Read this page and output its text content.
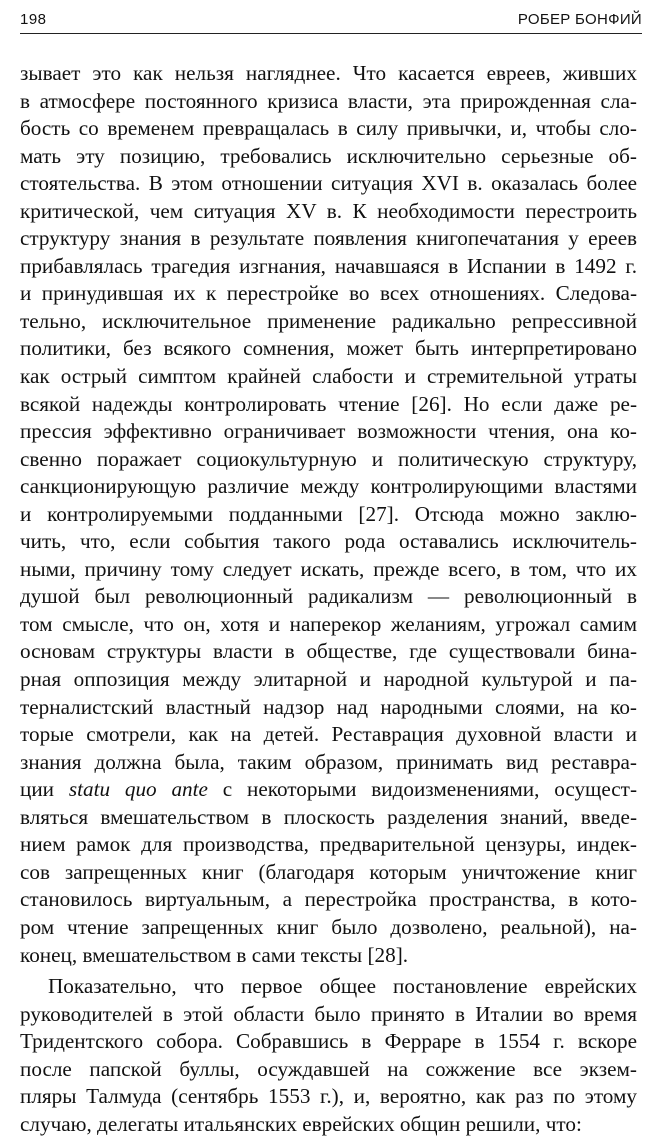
198	РОБЕР БОНФИЙ
зывает это как нельзя нагляднее. Что касается евреев, живших
в атмосфере постоянного кризиса власти, эта прирожденная сла-
бость со временем превращалась в силу привычки, и, чтобы сло-
мать эту позицию, требовались исключительно серьезные об-
стоятельства. В этом отношении ситуация XVI в. оказалась более
критической, чем ситуация XV в. К необходимости перестроить
структуру знания в результате появления книгопечатания у ереев
прибавлялась трагедия изгнания, начавшаяся в Испании в 1492 г.
и принудившая их к перестройке во всех отношениях. Следова-
тельно, исключительное применение радикально репрессивной
политики, без всякого сомнения, может быть интерпретировано
как острый симптом крайней слабости и стремительной утраты
всякой надежды контролировать чтение [26]. Но если даже ре-
прессия эффективно ограничивает возможности чтения, она ко-
свенно поражает социокультурную и политическую структуру,
санкционирующую различие между контролирующими властями
и контролируемыми подданными [27]. Отсюда можно заклю-
чить, что, если события такого рода оставались исключитель-
ными, причину тому следует искать, прежде всего, в том, что их
душой был революционный радикализм — революционный в
том смысле, что он, хотя и наперекор желаниям, угрожал самим
основам структуры власти в обществе, где существовали бина-
рная оппозиция между элитарной и народной культурой и па-
терналистский властный надзор над народными слоями, на ко-
торые смотрели, как на детей. Реставрация духовной власти и
знания должна была, таким образом, принимать вид реставра-
ции statu quo ante с некоторыми видоизменениями, осущест-
вляться вмешательством в плоскость разделения знаний, введе-
нием рамок для производства, предварительной цензуры, индек-
сов запрещенных книг (благодаря которым уничтожение книг
становилось виртуальным, а перестройка пространства, в кото-
ром чтение запрещенных книг было дозволено, реальной), на-
конец, вмешательством в сами тексты [28].
Показательно, что первое общее постановление еврейских
руководителей в этой области было принято в Италии во время
Тридентского собора. Собравшись в Ферраре в 1554 г. вскоре
после папской буллы, осуждавшей на сожжение все экзем-
пляры Талмуда (сентябрь 1553 г.), и, вероятно, как раз по этому
случаю, делегаты итальянских еврейских общин решили, что:
